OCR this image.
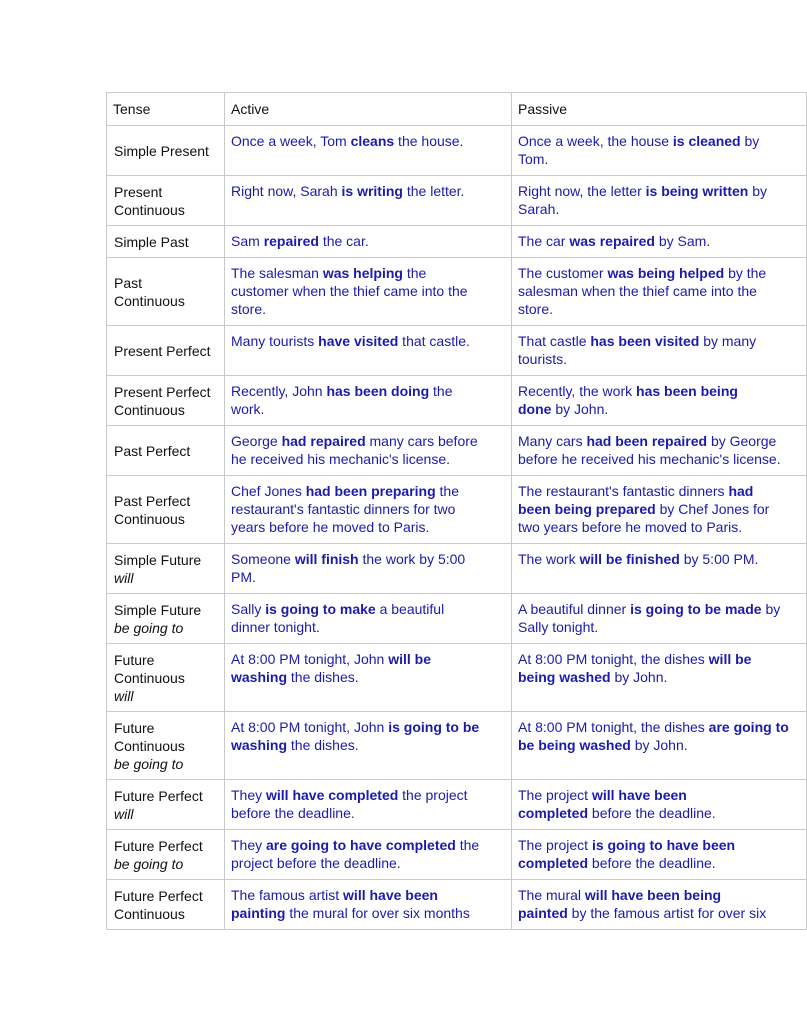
Tense	Active	Passive

Simple Present	Once a week, Tom cleans the house.	Once a week, the house is cleaned by
Tom.

Present
Continuous	Right now, Sarah is writing the letter.	Right now, the letter is being written by
Sarah.

Simple Past	Sam repaired the car.	The car was repaired by Sam.

Past
Continuous	The salesman was helping the
customer when the thief came into the
store.	The customer was being helped by the
salesman when the thief came into the
store.

Present Perfect	Many tourists have visited that castle.	That castle has been visited by many
tourists.

Present Perfect
Continuous	Recently, John has been doing the
work.	Recently, the work has been being
done by John.

Past Perfect	George had repaired many cars before
he received his mechanic's license.	Many cars had been repaired by George
before he received his mechanic's license.

Past Perfect
Continuous	Chef Jones had been preparing the
restaurant's fantastic dinners for two
years before he moved to Paris.	The restaurant's fantastic dinners had
been being prepared by Chef Jones for
two years before he moved to Paris.

Simple Future
will	Someone will finish the work by 5:00
PM.	The work will be finished by 5:00 PM.

Simple Future
be going to	Sally is going to make a beautiful
dinner tonight.	A beautiful dinner is going to be made by
Sally tonight.

Future
Continuous
will	At 8:00 PM tonight, John will be
washing the dishes.	At 8:00 PM tonight, the dishes will be
being washed by John.

Future
Continuous
be going to	At 8:00 PM tonight, John is going to be
washing the dishes.	At 8:00 PM tonight, the dishes are going to
be being washed by John.

Future Perfect
will	They will have completed the project
before the deadline.	The project will have been
completed before the deadline.

Future Perfect
be going to	They are going to have completed the
project before the deadline.	The project is going to have been
completed before the deadline.

Future Perfect
Continuous	The famous artist will have been
painting the mural for over six months	The mural will have been being
painted by the famous artist for over six
